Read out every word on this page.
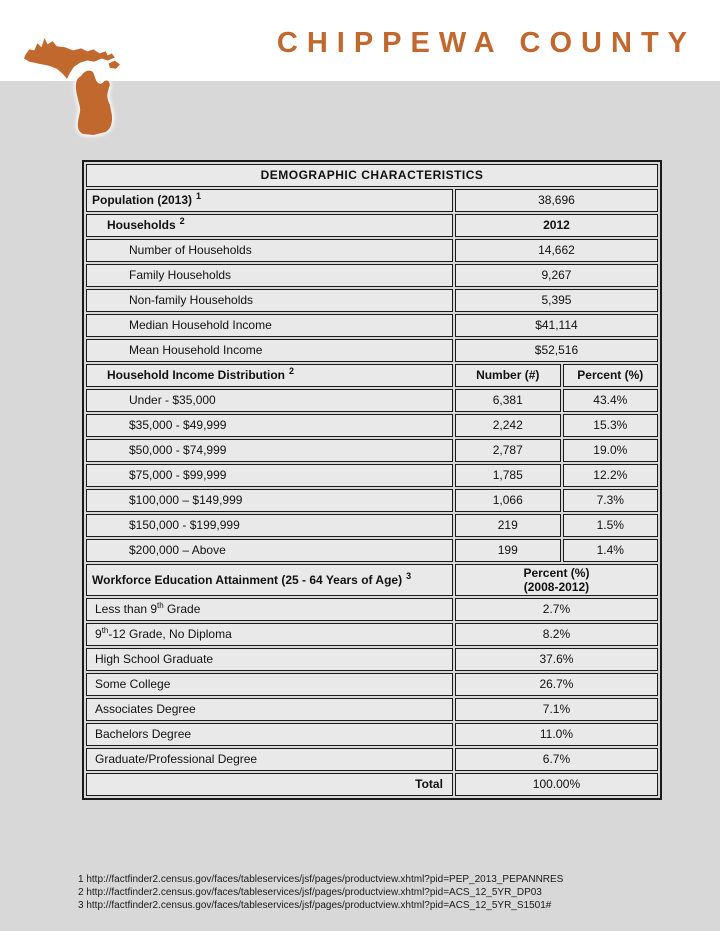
CHIPPEWA COUNTY
DEMOGRAPHIC CHARACTERISTICS		
Population (2013) $^1$	38,696	
Households $^2$	2012	
Number of Households	14,662	
Family Households	9,267	
Non-family Households	5,395	
Median Household Income	$41,114	
Mean Household Income	$52,516	
Household Income Distribution $^2$	Number (#)	Percent (%)
Under - $35,000	6,381	43.4%
$35,000 - $49,999	2,242	15.3%
$50,000 - $74,999	2,787	19.0%
$75,000 - $99,999	1,785	12.2%
$100,000 – $149,999	1,066	7.3%
$150,000 - $199,999	219	1.5%
$200,000 – Above	199	1.4%
Workforce Education Attainment (25 - 64 Years of Age) $^3$	Percent (%)
(2008-2012)	

Less than 9th Grade	2.7%	
9th-12 Grade, No Diploma	8.2%	
High School Graduate	37.6%	
Some College	26.7%	
Associates Degree	7.1%	
Bachelors Degree	11.0%	
Graduate/Professional Degree	6.7%	
Total	100.00%	
1 http://factfinder2.census.gov/faces/tableservices/jsf/pages/productview.xhtml?pid=PEP_2013_PEPANNRES
2 http://factfinder2.census.gov/faces/tableservices/jsf/pages/productview.xhtml?pid=ACS_12_5YR_DP03
3 http://factfinder2.census.gov/faces/tableservices/jsf/pages/productview.xhtml?pid=ACS_12_5YR_S1501#
